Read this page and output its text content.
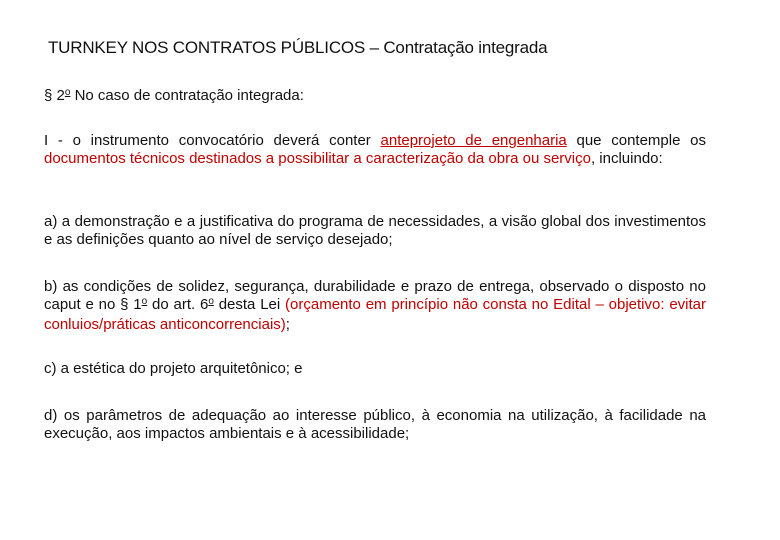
TURNKEY NOS CONTRATOS PÚBLICOS – Contratação integrada
§ 2$^o$ No caso de contratação integrada:
I - o instrumento convocatório deverá conter anteprojeto de engenharia que contemple os documentos técnicos destinados a possibilitar a caracterização da obra ou serviço, incluindo:
a) a demonstração e a justificativa do programa de necessidades, a visão global dos investimentos e as definições quanto ao nível de serviço desejado;
b) as condições de solidez, segurança, durabilidade e prazo de entrega, observado o disposto no caput e no § 1$^o$ do art. 6$^o$ desta Lei (orçamento em princípio não consta no Edital – objetivo: evitar conluios/práticas anticoncorrenciais);
c) a estética do projeto arquitetônico; e
d) os parâmetros de adequação ao interesse público, à economia na utilização, à facilidade na execução, aos impactos ambientais e à acessibilidade;
